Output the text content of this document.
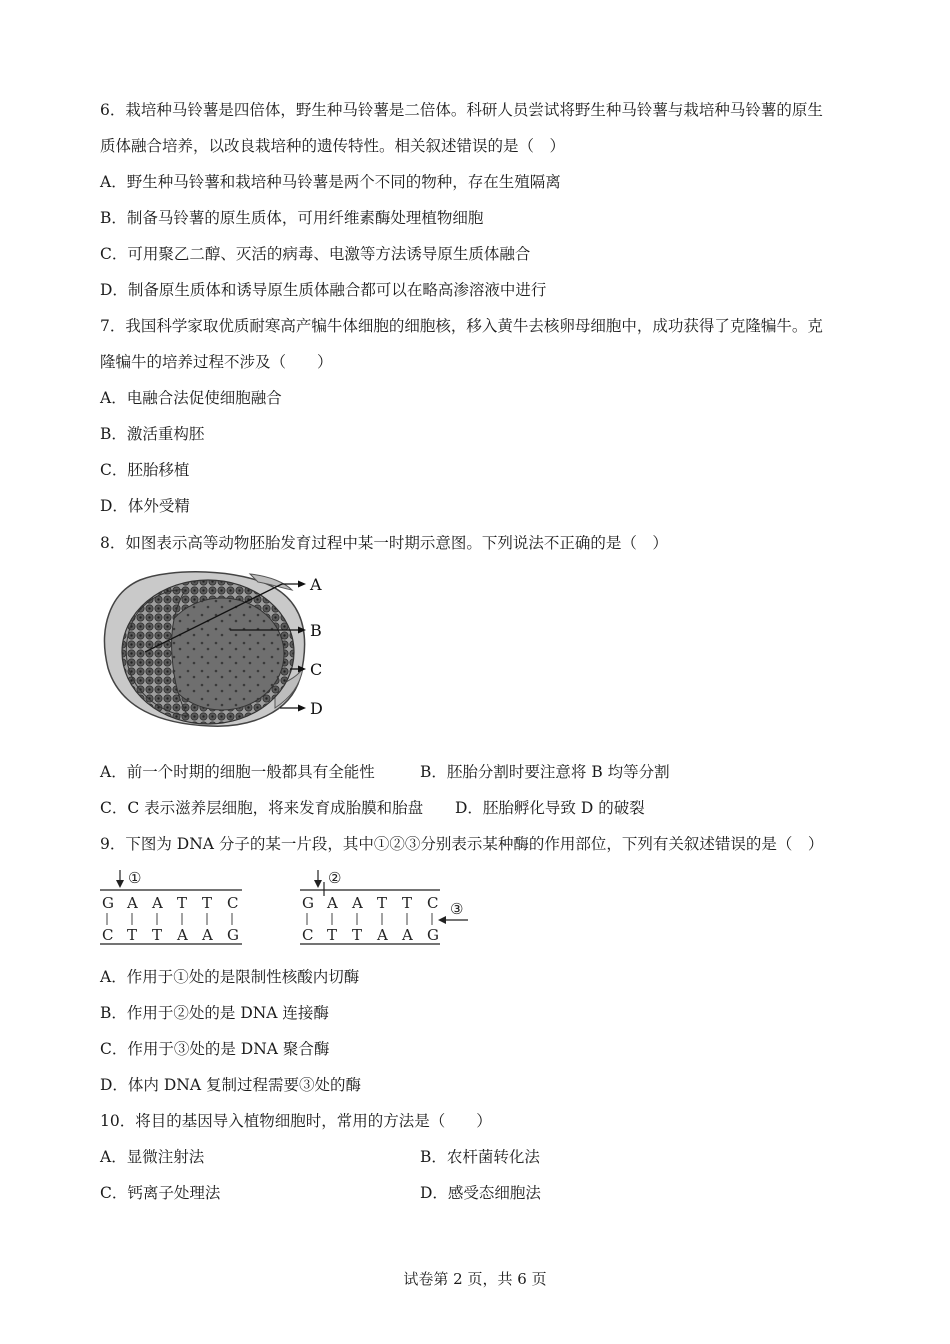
6．栽培种马铃薯是四倍体，野生种马铃薯是二倍体。科研人员尝试将野生种马铃薯与栽培种马铃薯的原生
质体融合培养，以改良栽培种的遗传特性。相关叙述错误的是（　）
A．野生种马铃薯和栽培种马铃薯是两个不同的物种，存在生殖隔离
B．制备马铃薯的原生质体，可用纤维素酶处理植物细胞
C．可用聚乙二醇、灭活的病毒、电激等方法诱导原生质体融合
D．制备原生质体和诱导原生质体融合都可以在略高渗溶液中进行
7．我国科学家取优质耐寒高产犏牛体细胞的细胞核，移入黄牛去核卵母细胞中，成功获得了克隆犏牛。克
隆犏牛的培养过程不涉及（　　）
A．电融合法促使细胞融合
B．激活重构胚
C．胚胎移植
D．体外受精
8．如图表示高等动物胚胎发育过程中某一时期示意图。下列说法不正确的是（　）
A
B
C
D
A．前一个时期的细胞一般都具有全能性	B．胚胎分割时要注意将 B 均等分割
C．C 表示滋养层细胞，将来发育成胎膜和胎盘 D．胚胎孵化导致 D 的破裂
9．下图为 DNA 分子的某一片段，其中①②③分别表示某种酶的作用部位，下列有关叙述错误的是（　）
①
G A A T T C
C T T A A G
②
G A A T T C
C T T A A G
③
A．作用于①处的是限制性核酸内切酶
B．作用于②处的是 DNA 连接酶
C．作用于③处的是 DNA 聚合酶
D．体内 DNA 复制过程需要③处的酶
10．将目的基因导入植物细胞时，常用的方法是（　　）
A．显微注射法	B．农杆菌转化法
C．钙离子处理法	D．感受态细胞法
试卷第 2 页，共 6 页
